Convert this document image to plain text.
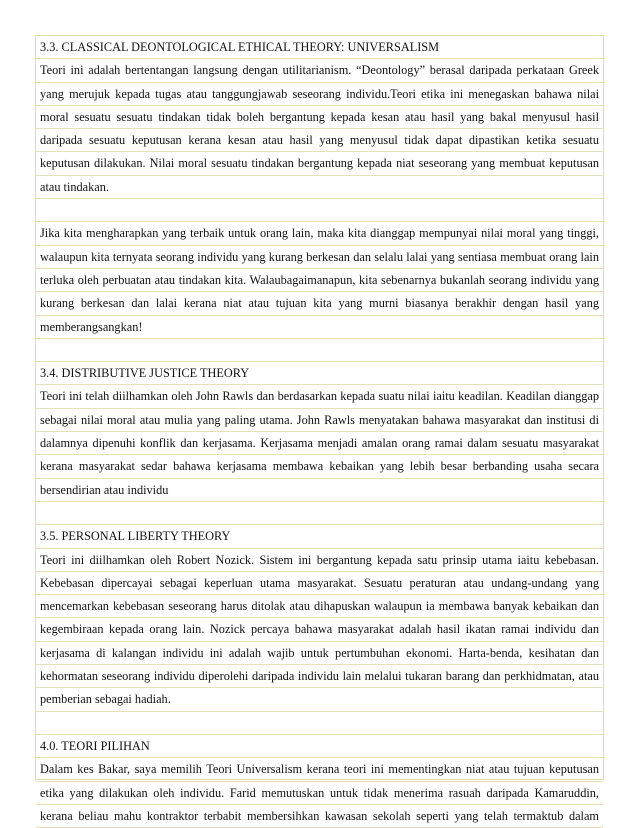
3.3. CLASSICAL DEONTOLOGICAL ETHICAL THEORY: UNIVERSALISM
Teori ini adalah bertentangan langsung dengan utilitarianism. “Deontology” berasal daripada perkataan Greek
yang merujuk kepada tugas atau tanggungjawab seseorang individu.Teori etika ini menegaskan bahawa nilai
moral sesuatu sesuatu tindakan tidak boleh bergantung kepada kesan atau hasil yang bakal menyusul hasil
daripada sesuatu keputusan kerana kesan atau hasil yang menyusul tidak dapat dipastikan ketika sesuatu
keputusan dilakukan. Nilai moral sesuatu tindakan bergantung kepada niat seseorang yang membuat keputusan
atau tindakan.
Jika kita mengharapkan yang terbaik untuk orang lain, maka kita dianggap mempunyai nilai moral yang tinggi,
walaupun kita ternyata seorang individu yang kurang berkesan dan selalu lalai yang sentiasa membuat orang lain
terluka oleh perbuatan atau tindakan kita. Walaubagaimanapun, kita sebenarnya bukanlah seorang individu yang
kurang berkesan dan lalai kerana niat atau tujuan kita yang murni biasanya berakhir dengan hasil yang
memberangsangkan!
3.4. DISTRIBUTIVE JUSTICE THEORY
Teori ini telah diilhamkan oleh John Rawls dan berdasarkan kepada suatu nilai iaitu keadilan. Keadilan dianggap
sebagai nilai moral atau mulia yang paling utama. John Rawls menyatakan bahawa masyarakat dan institusi di
dalamnya dipenuhi konflik dan kerjasama. Kerjasama menjadi amalan orang ramai dalam sesuatu masyarakat
kerana masyarakat sedar bahawa kerjasama membawa kebaikan yang lebih besar berbanding usaha secara
bersendirian atau individu
3.5. PERSONAL LIBERTY THEORY
Teori ini diilhamkan oleh Robert Nozick. Sistem ini bergantung kepada satu prinsip utama iaitu kebebasan.
Kebebasan dipercayai sebagai keperluan utama masyarakat. Sesuatu peraturan atau undang-undang yang
mencemarkan kebebasan seseorang harus ditolak atau dihapuskan walaupun ia membawa banyak kebaikan dan
kegembiraan kepada orang lain. Nozick percaya bahawa masyarakat adalah hasil ikatan ramai individu dan
kerjasama di kalangan individu ini adalah wajib untuk pertumbuhan ekonomi. Harta-benda, kesihatan dan
kehormatan seseorang individu diperolehi daripada individu lain melalui tukaran barang dan perkhidmatan, atau
pemberian sebagai hadiah.
4.0. TEORI PILIHAN
Dalam kes Bakar, saya memilih Teori Universalism kerana teori ini mementingkan niat atau tujuan keputusan
etika yang dilakukan oleh individu. Farid memutuskan untuk tidak menerima rasuah daripada Kamaruddin,
kerana beliau mahu kontraktor terbabit membersihkan kawasan sekolah seperti yang telah termaktub dalam
